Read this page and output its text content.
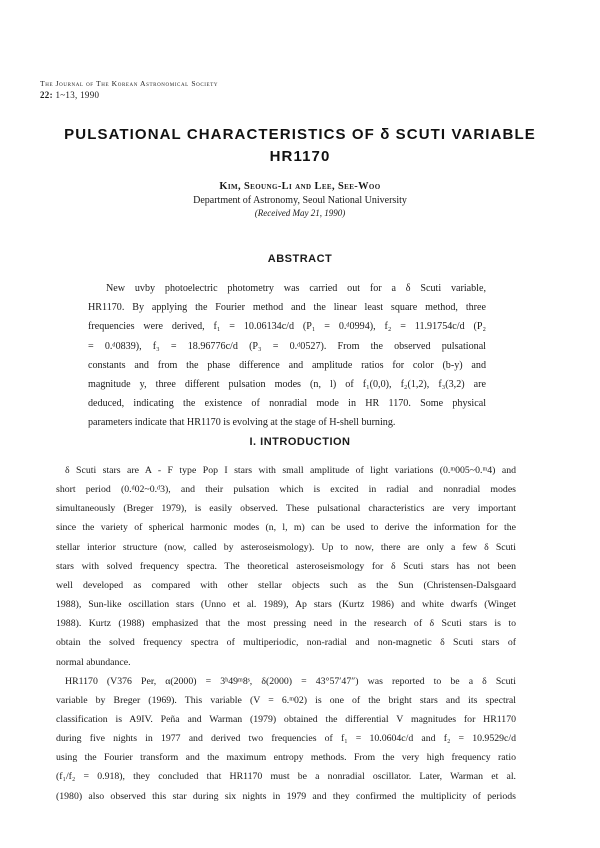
The Journal of The Korean Astronomical Society
22: 1~13, 1990
PULSATIONAL CHARACTERISTICS OF δ SCUTI VARIABLE
HR1170
Kim, Seoung-Li and Lee, See-Woo
Department of Astronomy, Seoul National University
(Received May 21, 1990)
ABSTRACT
New uvby photoelectric photometry was carried out for a δ Scuti variable,
HR1170. By applying the Fourier method and the linear least square method, three
frequencies were derived, f₁ = 10.06134c/d (P₁ = 0.ᵈ0994), f₂ = 11.91754c/d (P₂
= 0.ᵈ0839), f₃ = 18.96776c/d (P₃ = 0.ᵈ0527). From the observed pulsational
constants and from the phase difference and amplitude ratios for color (b-y) and
magnitude y, three different pulsation modes (n, l) of f₁(0,0), f₂(1,2), f₃(3,2) are
deduced, indicating the existence of nonradial mode in HR 1170. Some physical
parameters indicate that HR1170 is evolving at the stage of H-shell burning.
I. INTRODUCTION
δ Scuti stars are A - F type Pop I stars with small amplitude of light variations (0.ᵐ005~0.ᵐ4) and
short period (0.ᵈ02~0.ᵈ3), and their pulsation which is excited in radial and nonradial modes
simultaneously (Breger 1979), is easily observed. These pulsational characteristics are very important
since the variety of spherical harmonic modes (n, l, m) can be used to derive the information for the
stellar interior structure (now, called by asteroseismology). Up to now, there are only a few δ Scuti
stars with solved frequency spectra. The theoretical asteroseismology for δ Scuti stars has not been
well developed as compared with other stellar objects such as the Sun (Christensen-Dalsgaard
1988), Sun-like oscillation stars (Unno et al. 1989), Ap stars (Kurtz 1986) and white dwarfs (Winget
1988). Kurtz (1988) emphasized that the most pressing need in the research of δ Scuti stars is to
obtain the solved frequency spectra of multiperiodic, non-radial and non-magnetic δ Scuti stars of
normal abundance.
HR1170 (V376 Per, α(2000) = 3ʰ49ᵐ8ˢ, δ(2000) = 43°57′47″) was reported to be a δ Scuti
variable by Breger (1969). This variable (V = 6.ᵐ02) is one of the bright stars and its spectral
classification is A9IV. Peña and Warman (1979) obtained the differential V magnitudes for HR1170
during five nights in 1977 and derived two frequencies of f₁ = 10.0604c/d and f₂ = 10.9529c/d
using the Fourier transform and the maximum entropy methods. From the very high frequency ratio
(f₁/f₂ = 0.918), they concluded that HR1170 must be a nonradial oscillator. Later, Warman et al.
(1980) also observed this star during six nights in 1979 and they confirmed the multiplicity of periods
